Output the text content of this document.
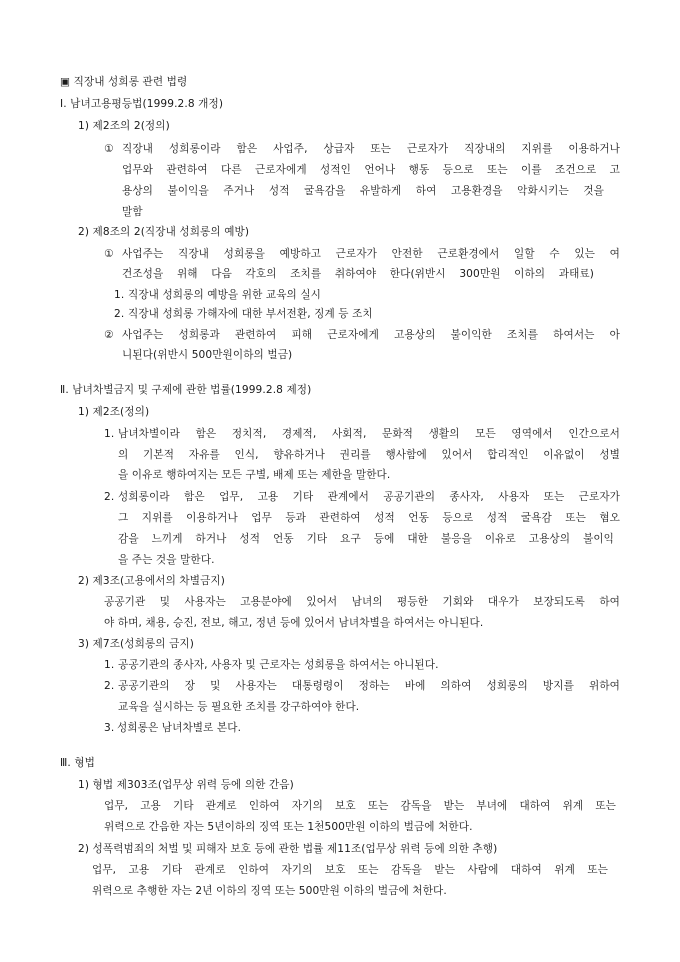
▣ 직장내 성희롱 관련 법령
Ⅰ. 남녀고용평등법(1999.2.8 개정)
1) 제2조의 2(정의)
① 직장내 성희롱이라 함은 사업주, 상급자 또는 근로자가 직장내의 지위를 이용하거나
업무와 관련하여 다른 근로자에게 성적인 언어나 행동 등으로 또는 이를 조건으로 고
용상의 불이익을 주거나 성적 굴욕감을 유발하게 하여 고용환경을 악화시키는 것을
말함
2) 제8조의 2(직장내 성희롱의 예방)
① 사업주는 직장내 성희롱을 예방하고 근로자가 안전한 근로환경에서 일할 수 있는 여
건조성을 위해 다음 각호의 조치를 취하여야 한다(위반시 300만원 이하의 과태료)
1. 직장내 성희롱의 예방을 위한 교육의 실시
2. 직장내 성희롱 가해자에 대한 부서전환, 징계 등 조치
② 사업주는 성희롱과 관련하여 피해 근로자에게 고용상의 불이익한 조치를 하여서는 아
니된다(위반시 500만원이하의 벌금)
Ⅱ. 남녀차별금지 및 구제에 관한 법률(1999.2.8 제정)
1) 제2조(정의)
1. 남녀차별이라 함은 정치적, 경제적, 사회적, 문화적 생활의 모든 영역에서 인간으로서
의 기본적 자유를 인식, 향유하거나 권리를 행사함에 있어서 합리적인 이유없이 성별
을 이유로 행하여지는 모든 구별, 배제 또는 제한을 말한다.
2. 성희롱이라 함은 업무, 고용 기타 관계에서 공공기관의 종사자, 사용자 또는 근로자가
그 지위를 이용하거나 업무 등과 관련하여 성적 언동 등으로 성적 굴욕감 또는 혐오
감을 느끼게 하거나 성적 언동 기타 요구 등에 대한 불응을 이유로 고용상의 불이익
을 주는 것을 말한다.
2) 제3조(고용에서의 차별금지)
공공기관 및 사용자는 고용분야에 있어서 남녀의 평등한 기회와 대우가 보장되도록 하여
야 하며, 채용, 승진, 전보, 해고, 정년 등에 있어서 남녀차별을 하여서는 아니된다.
3) 제7조(성희롱의 금지)
1. 공공기관의 종사자, 사용자 및 근로자는 성희롱을 하여서는 아니된다.
2. 공공기관의 장 및 사용자는 대통령령이 정하는 바에 의하여 성희롱의 방지를 위하여
교육을 실시하는 등 필요한 조치를 강구하여야 한다.
3. 성희롱은 남녀차별로 본다.
Ⅲ. 형법
1) 형법 제303조(업무상 위력 등에 의한 간음)
업무, 고용 기타 관계로 인하여 자기의 보호 또는 감독을 받는 부녀에 대하여 위계 또는
위력으로 간음한 자는 5년이하의 징역 또는 1천500만원 이하의 벌금에 처한다.
2) 성폭력범죄의 처벌 및 피해자 보호 등에 관한 법률 제11조(업무상 위력 등에 의한 추행)
업무, 고용 기타 관계로 인하여 자기의 보호 또는 감독을 받는 사람에 대하여 위계 또는
위력으로 추행한 자는 2년 이하의 징역 또는 500만원 이하의 벌금에 처한다.
